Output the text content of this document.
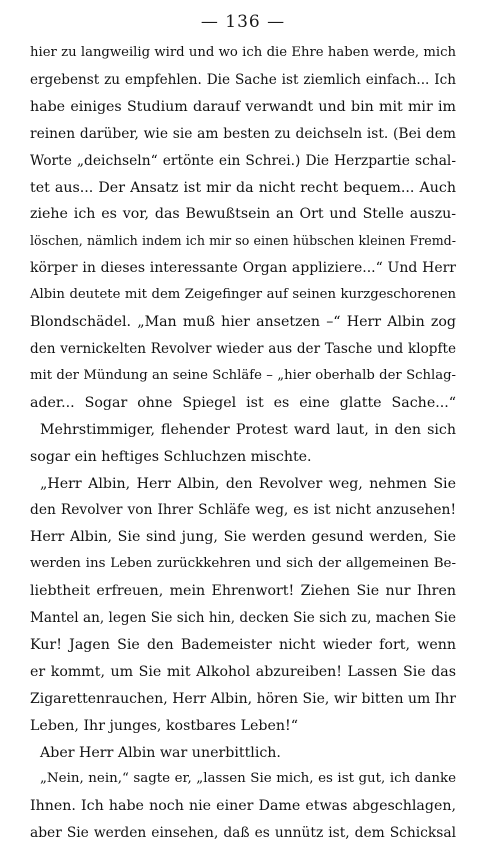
— 136 —
hier zu langweilig wird und wo ich die Ehre haben werde, mich
ergebenst zu empfehlen. Die Sache ist ziemlich einfach... Ich
habe einiges Studium darauf verwandt und bin mit mir im
reinen darüber, wie sie am besten zu deichseln ist. (Bei dem
Worte „deichseln“ ertönte ein Schrei.) Die Herzpartie schal-
tet aus... Der Ansatz ist mir da nicht recht bequem... Auch
ziehe ich es vor, das Bewußtsein an Ort und Stelle auszu-
löschen, nämlich indem ich mir so einen hübschen kleinen Fremd-
körper in dieses interessante Organ appliziere...“ Und Herr
Albin deutete mit dem Zeigefinger auf seinen kurzgeschorenen
Blondschädel. „Man muß hier ansetzen –“ Herr Albin zog
den vernickelten Revolver wieder aus der Tasche und klopfte
mit der Mündung an seine Schläfe – „hier oberhalb der Schlag-
ader... Sogar ohne Spiegel ist es eine glatte Sache...“
Mehrstimmiger, flehender Protest ward laut, in den sich
sogar ein heftiges Schluchzen mischte.
„Herr Albin, Herr Albin, den Revolver weg, nehmen Sie
den Revolver von Ihrer Schläfe weg, es ist nicht anzusehen!
Herr Albin, Sie sind jung, Sie werden gesund werden, Sie
werden ins Leben zurückkehren und sich der allgemeinen Be-
liebtheit erfreuen, mein Ehrenwort! Ziehen Sie nur Ihren
Mantel an, legen Sie sich hin, decken Sie sich zu, machen Sie
Kur! Jagen Sie den Bademeister nicht wieder fort, wenn
er kommt, um Sie mit Alkohol abzureiben! Lassen Sie das
Zigarettenrauchen, Herr Albin, hören Sie, wir bitten um Ihr
Leben, Ihr junges, kostbares Leben!“
Aber Herr Albin war unerbittlich.
„Nein, nein,“ sagte er, „lassen Sie mich, es ist gut, ich danke
Ihnen. Ich habe noch nie einer Dame etwas abgeschlagen,
aber Sie werden einsehen, daß es unnütz ist, dem Schicksal
